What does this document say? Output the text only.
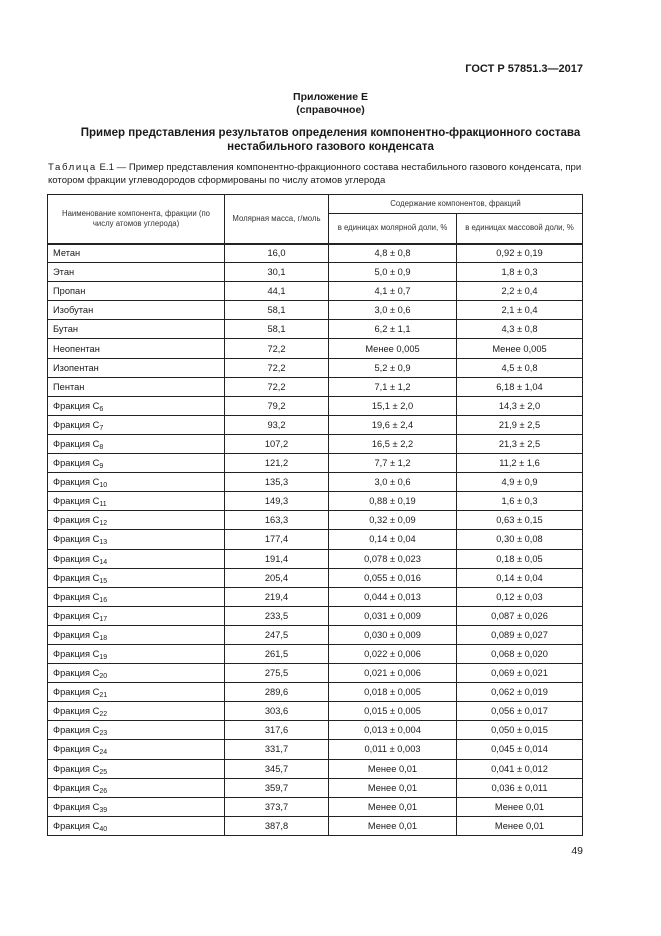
ГОСТ Р 57851.3—2017
Приложение Е
(справочное)
Пример представления результатов определения компонентно-фракционного состава нестабильного газового конденсата
Таблица Е.1 — Пример представления компонентно-фракционного состава нестабильного газового конденсата, при котором фракции углеводородов сформированы по числу атомов углерода
Наименование компонента, фракции (по числу атомов углерода)	Молярная масса, г/моль	Содержание компонентов, фракций	
		в единицах молярной доли, %	в единицах массовой доли, %
Метан	16,0	4,8 ± 0,8	0,92 ± 0,19
Этан	30,1	5,0 ± 0,9	1,8 ± 0,3
Пропан	44,1	4,1 ± 0,7	2,2 ± 0,4
Изобутан	58,1	3,0 ± 0,6	2,1 ± 0,4
Бутан	58,1	6,2 ± 1,1	4,3 ± 0,8
Неопентан	72,2	Менее 0,005	Менее 0,005
Изопентан	72,2	5,2 ± 0,9	4,5 ± 0,8
Пентан	72,2	7,1 ± 1,2	6,18 ± 1,04
Фракция $С_6$	79,2	15,1 ± 2,0	14,3 ± 2,0
Фракция $С_7$	93,2	19,6 ± 2,4	21,9 ± 2,5
Фракция $С_8$	107,2	16,5 ± 2,2	21,3 ± 2,5
Фракция $С_9$	121,2	7,7 ± 1,2	11,2 ± 1,6
Фракция $С_{10}$	135,3	3,0 ± 0,6	4,9 ± 0,9
Фракция $С_{11}$	149,3	0,88 ± 0,19	1,6 ± 0,3
Фракция $С_{12}$	163,3	0,32 ± 0,09	0,63 ± 0,15
Фракция $С_{13}$	177,4	0,14 ± 0,04	0,30 ± 0,08
Фракция $С_{14}$	191,4	0,078 ± 0,023	0,18 ± 0,05
Фракция $С_{15}$	205,4	0,055 ± 0,016	0,14 ± 0,04
Фракция $С_{16}$	219,4	0,044 ± 0,013	0,12 ± 0,03
Фракция $С_{17}$	233,5	0,031 ± 0,009	0,087 ± 0,026
Фракция $С_{18}$	247,5	0,030 ± 0,009	0,089 ± 0,027
Фракция $С_{19}$	261,5	0,022 ± 0,006	0,068 ± 0,020
Фракция $С_{20}$	275,5	0,021 ± 0,006	0,069 ± 0,021
Фракция $С_{21}$	289,6	0,018 ± 0,005	0,062 ± 0,019
Фракция $С_{22}$	303,6	0,015 ± 0,005	0,056 ± 0,017
Фракция $С_{23}$	317,6	0,013 ± 0,004	0,050 ± 0,015
Фракция $С_{24}$	331,7	0,011 ± 0,003	0,045 ± 0,014
Фракция $С_{25}$	345,7	Менее 0,01	0,041 ± 0,012
Фракция $С_{26}$	359,7	Менее 0,01	0,036 ± 0,011
Фракция $С_{39}$	373,7	Менее 0,01	Менее 0,01
Фракция $С_{40}$	387,8	Менее 0,01	Менее 0,01
49
